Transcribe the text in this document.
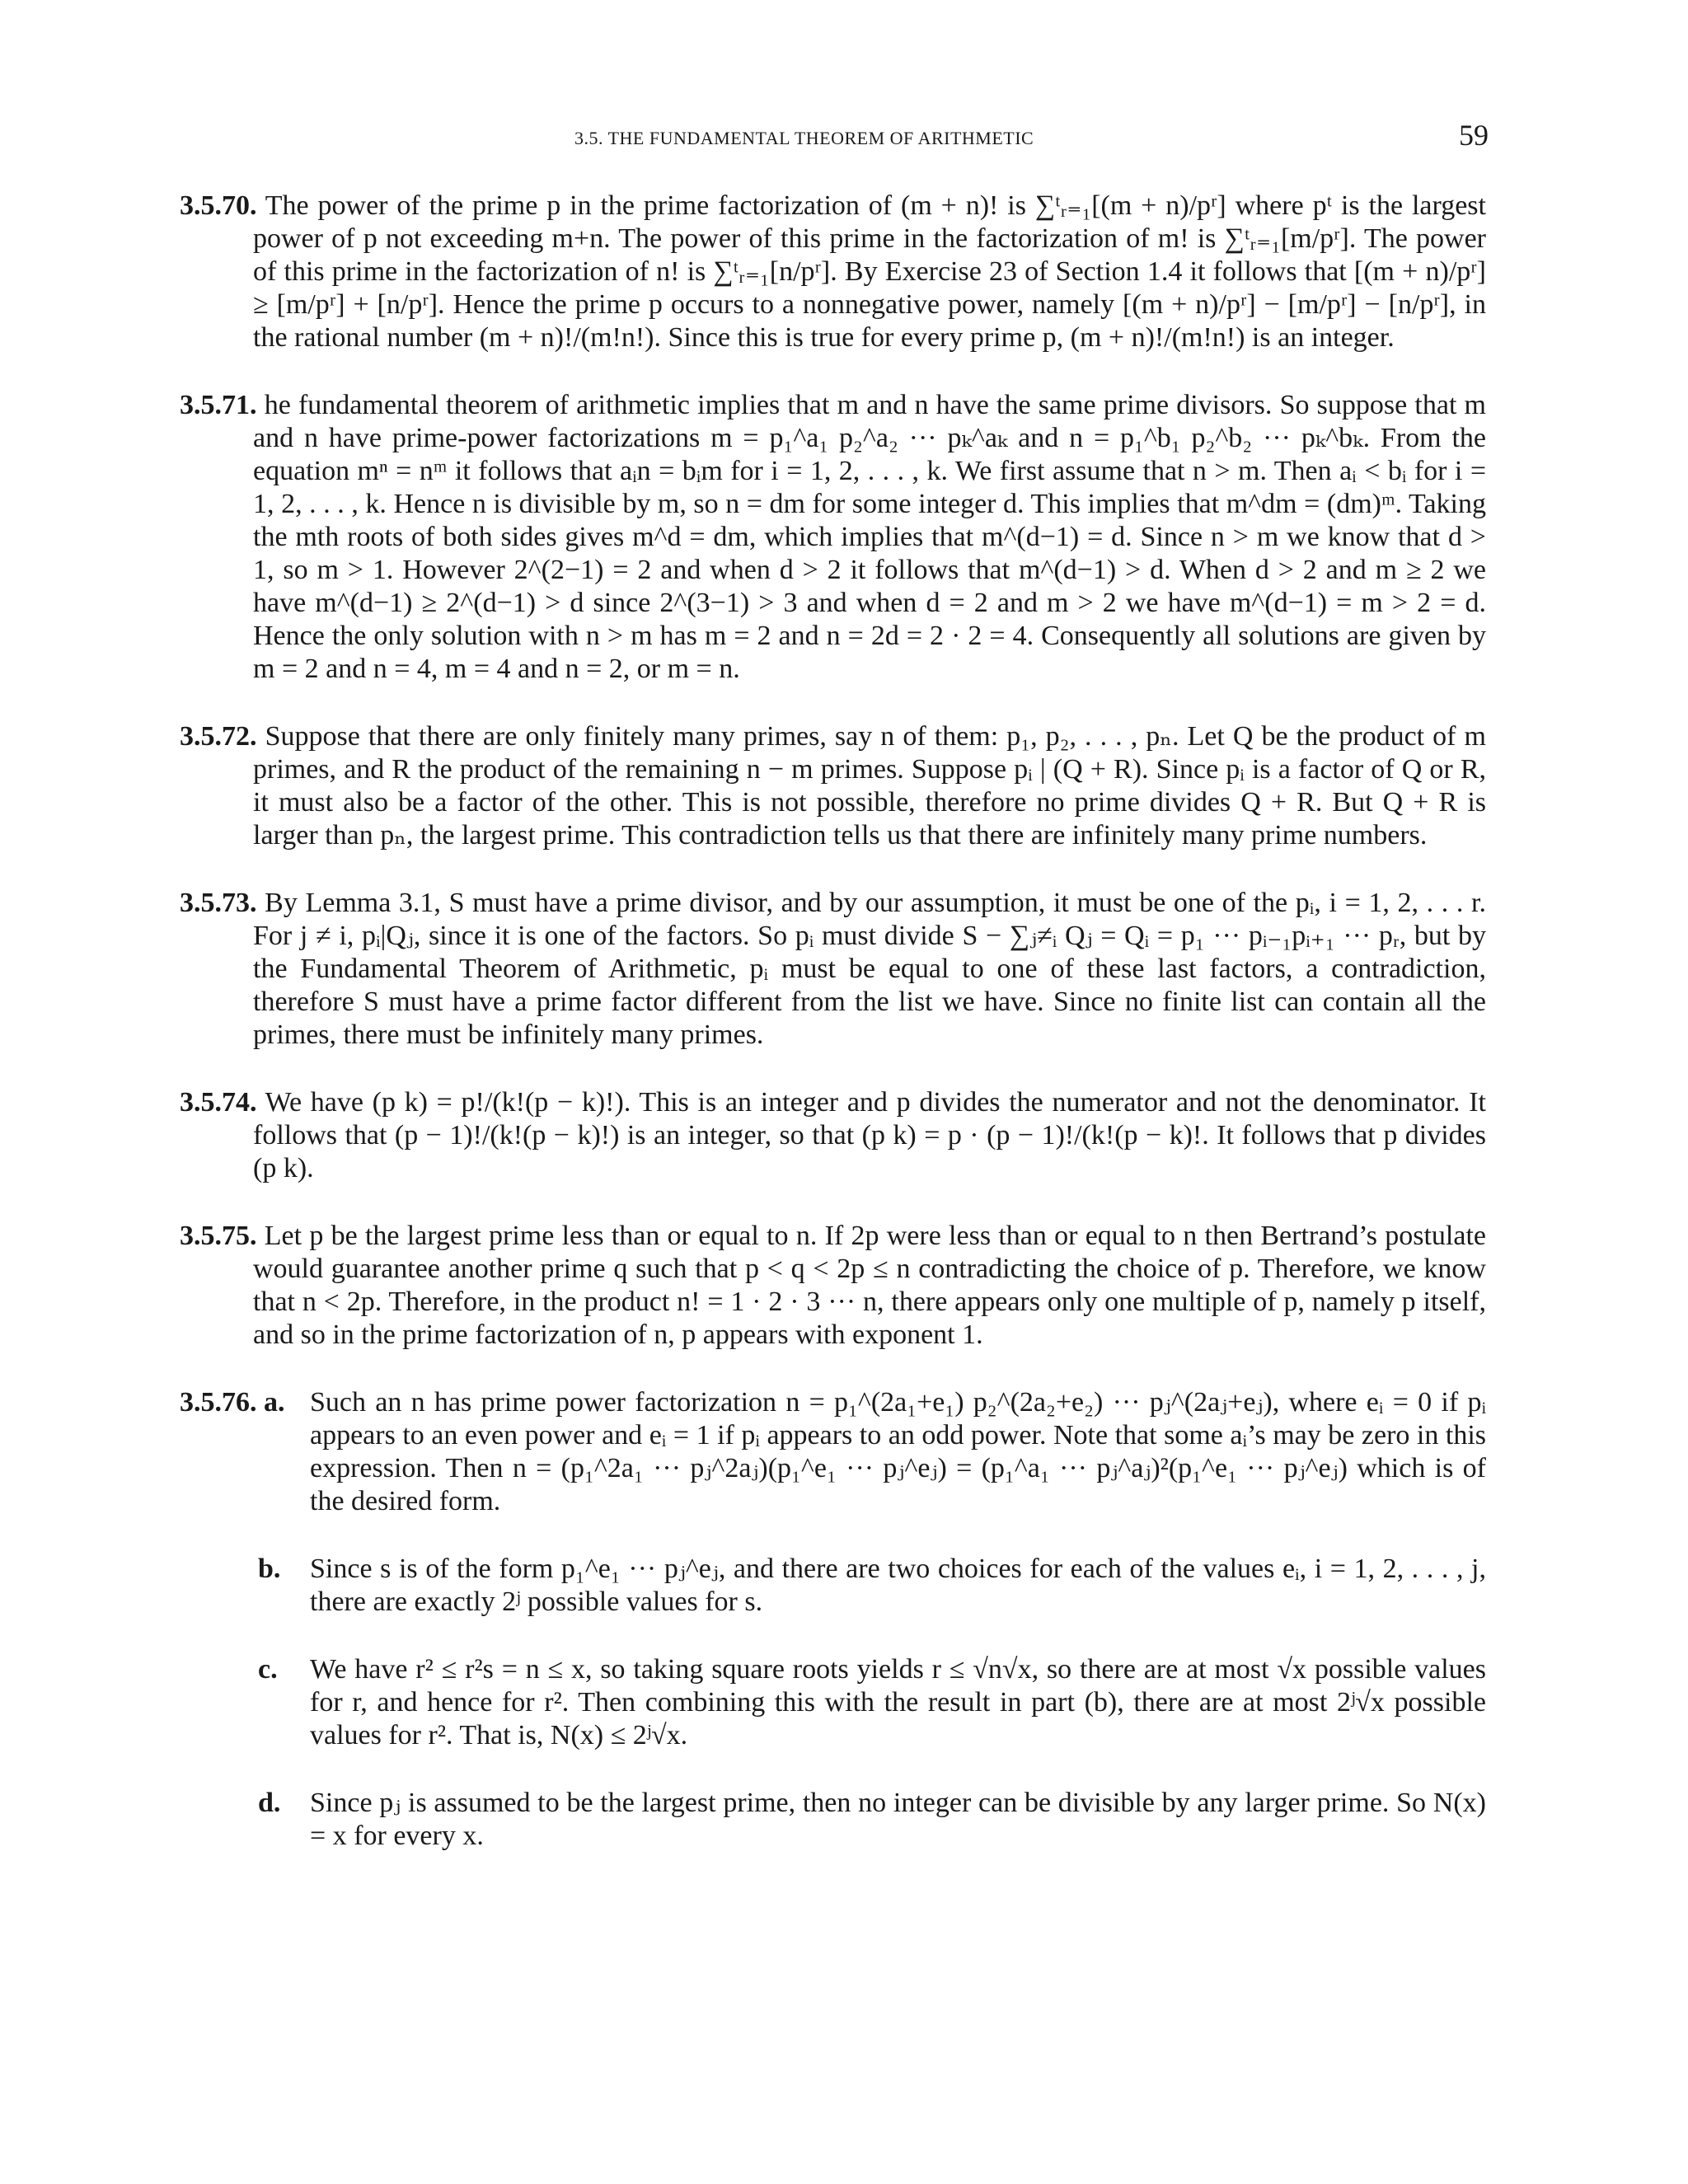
3.5. THE FUNDAMENTAL THEOREM OF ARITHMETIC	59
3.5.70. The power of the prime p in the prime factorization of (m + n)! is ∑ᵗᵣ₌₁[(m + n)/pʳ] where pᵗ is the largest power of p not exceeding m+n. The power of this prime in the factorization of m! is ∑ᵗᵣ₌₁[m/pʳ]. The power of this prime in the factorization of n! is ∑ᵗᵣ₌₁[n/pʳ]. By Exercise 23 of Section 1.4 it follows that [(m + n)/pʳ] ≥ [m/pʳ] + [n/pʳ]. Hence the prime p occurs to a nonnegative power, namely [(m + n)/pʳ] − [m/pʳ] − [n/pʳ], in the rational number (m + n)!/(m!n!). Since this is true for every prime p, (m + n)!/(m!n!) is an integer.
3.5.71. he fundamental theorem of arithmetic implies that m and n have the same prime divisors. So suppose that m and n have prime-power factorizations m = p₁^a₁ p₂^a₂ ··· pₖ^aₖ and n = p₁^b₁ p₂^b₂ ··· pₖ^bₖ. From the equation mⁿ = nᵐ it follows that aᵢn = bᵢm for i = 1, 2, . . . , k. We first assume that n > m. Then aᵢ < bᵢ for i = 1, 2, . . . , k. Hence n is divisible by m, so n = dm for some integer d. This implies that m^dm = (dm)ᵐ. Taking the mth roots of both sides gives m^d = dm, which implies that m^(d−1) = d. Since n > m we know that d > 1, so m > 1. However 2^(2−1) = 2 and when d > 2 it follows that m^(d−1) > d. When d > 2 and m ≥ 2 we have m^(d−1) ≥ 2^(d−1) > d since 2^(3−1) > 3 and when d = 2 and m > 2 we have m^(d−1) = m > 2 = d. Hence the only solution with n > m has m = 2 and n = 2d = 2 · 2 = 4. Consequently all solutions are given by m = 2 and n = 4, m = 4 and n = 2, or m = n.
3.5.72. Suppose that there are only finitely many primes, say n of them: p₁, p₂, . . . , pₙ. Let Q be the product of m primes, and R the product of the remaining n − m primes. Suppose pᵢ | (Q + R). Since pᵢ is a factor of Q or R, it must also be a factor of the other. This is not possible, therefore no prime divides Q + R. But Q + R is larger than pₙ, the largest prime. This contradiction tells us that there are infinitely many prime numbers.
3.5.73. By Lemma 3.1, S must have a prime divisor, and by our assumption, it must be one of the pᵢ, i = 1, 2, . . . r. For j ≠ i, pᵢ|Qⱼ, since it is one of the factors. So pᵢ must divide S − ∑ⱼ≠ᵢ Qⱼ = Qᵢ = p₁ ··· pᵢ₋₁pᵢ₊₁ ··· pᵣ, but by the Fundamental Theorem of Arithmetic, pᵢ must be equal to one of these last factors, a contradiction, therefore S must have a prime factor different from the list we have. Since no finite list can contain all the primes, there must be infinitely many primes.
3.5.74. We have (p k) = p!/(k!(p − k)!). This is an integer and p divides the numerator and not the denominator. It follows that (p − 1)!/(k!(p − k)!) is an integer, so that (p k) = p · (p − 1)!/(k!(p − k)!. It follows that p divides (p k).
3.5.75. Let p be the largest prime less than or equal to n. If 2p were less than or equal to n then Bertrand’s postulate would guarantee another prime q such that p < q < 2p ≤ n contradicting the choice of p. Therefore, we know that n < 2p. Therefore, in the product n! = 1 · 2 · 3 ··· n, there appears only one multiple of p, namely p itself, and so in the prime factorization of n, p appears with exponent 1.
3.5.76. a. Such an n has prime power factorization n = p₁^(2a₁+e₁) p₂^(2a₂+e₂) ··· pⱼ^(2aⱼ+eⱼ), where eᵢ = 0 if pᵢ appears to an even power and eᵢ = 1 if pᵢ appears to an odd power. Note that some aᵢ’s may be zero in this expression. Then n = (p₁^2a₁ ··· pⱼ^2aⱼ)(p₁^e₁ ··· pⱼ^eⱼ) = (p₁^a₁ ··· pⱼ^aⱼ)²(p₁^e₁ ··· pⱼ^eⱼ) which is of the desired form.
b. Since s is of the form p₁^e₁ ··· pⱼ^eⱼ, and there are two choices for each of the values eᵢ, i = 1, 2, . . . , j, there are exactly 2ʲ possible values for s.
c. We have r² ≤ r²s = n ≤ x, so taking square roots yields r ≤ √n√x, so there are at most √x possible values for r, and hence for r². Then combining this with the result in part (b), there are at most 2ʲ√x possible values for r². That is, N(x) ≤ 2ʲ√x.
d. Since pⱼ is assumed to be the largest prime, then no integer can be divisible by any larger prime. So N(x) = x for every x.
